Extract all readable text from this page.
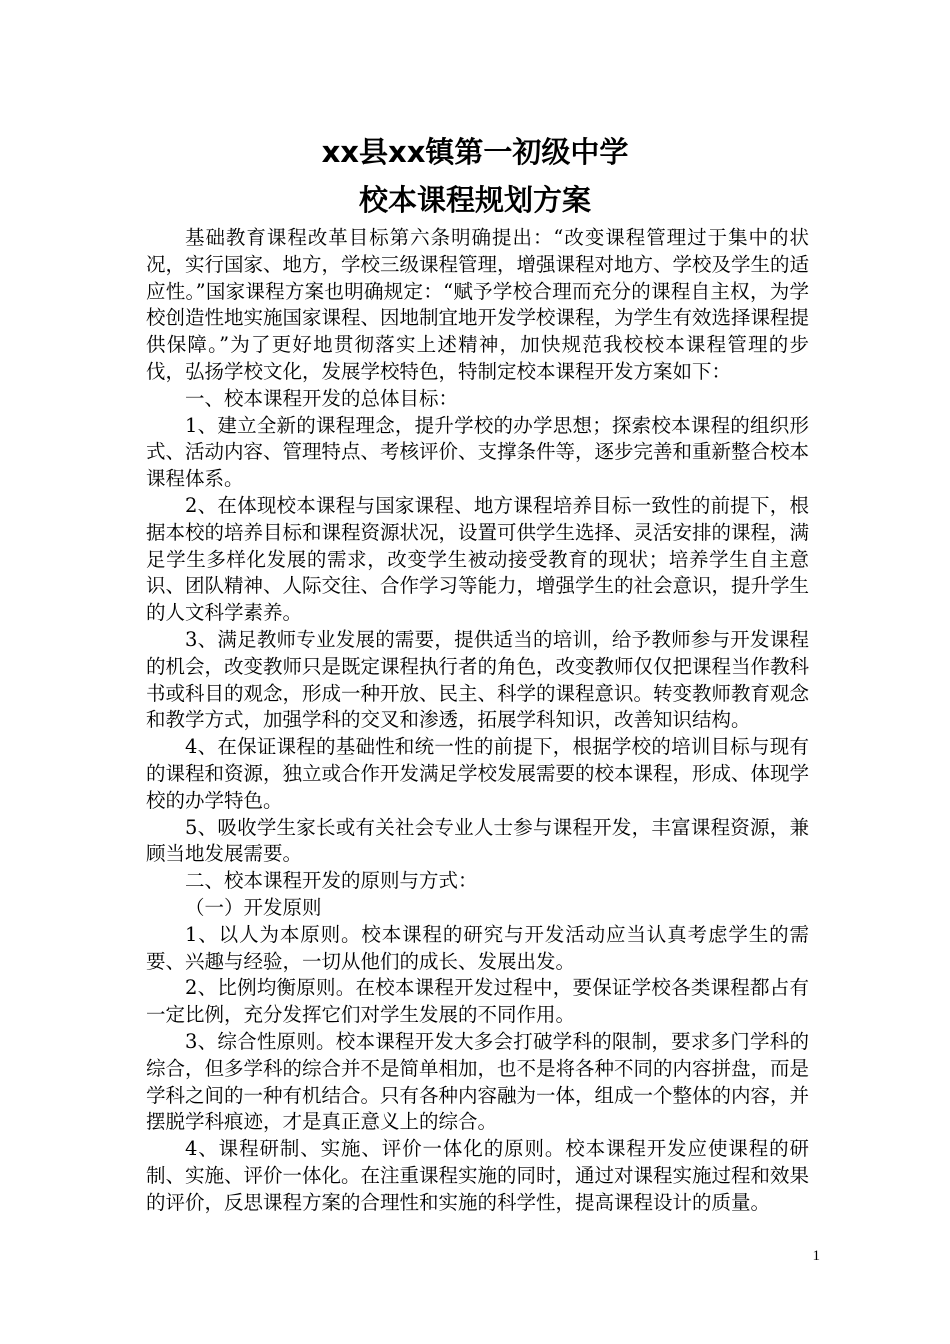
xx县xx镇第一初级中学
校本课程规划方案

基础教育课程改革目标第六条明确提出：“改变课程管理过于集中的状况，实行国家、地方，学校三级课程管理，增强课程对地方、学校及学生的适应性。”国家课程方案也明确规定：“赋予学校合理而充分的课程自主权，为学校创造性地实施国家课程、因地制宜地开发学校课程，为学生有效选择课程提供保障。”为了更好地贯彻落实上述精神，加快规范我校校本课程管理的步伐，弘扬学校文化，发展学校特色，特制定校本课程开发方案如下：

一、校本课程开发的总体目标：

1、建立全新的课程理念，提升学校的办学思想；探索校本课程的组织形式、活动内容、管理特点、考核评价、支撑条件等，逐步完善和重新整合校本课程体系。

2、在体现校本课程与国家课程、地方课程培养目标一致性的前提下，根据本校的培养目标和课程资源状况，设置可供学生选择、灵活安排的课程，满足学生多样化发展的需求，改变学生被动接受教育的现状；培养学生自主意识、团队精神、人际交往、合作学习等能力，增强学生的社会意识，提升学生的人文科学素养。

3、满足教师专业发展的需要，提供适当的培训，给予教师参与开发课程的机会，改变教师只是既定课程执行者的角色，改变教师仅仅把课程当作教科书或科目的观念，形成一种开放、民主、科学的课程意识。转变教师教育观念和教学方式，加强学科的交叉和渗透，拓展学科知识，改善知识结构。

4、在保证课程的基础性和统一性的前提下，根据学校的培训目标与现有的课程和资源，独立或合作开发满足学校发展需要的校本课程，形成、体现学校的办学特色。

5、吸收学生家长或有关社会专业人士参与课程开发，丰富课程资源，兼顾当地发展需要。

二、校本课程开发的原则与方式：

（一）开发原则

1、以人为本原则。校本课程的研究与开发活动应当认真考虑学生的需要、兴趣与经验，一切从他们的成长、发展出发。

2、比例均衡原则。在校本课程开发过程中，要保证学校各类课程都占有一定比例，充分发挥它们对学生发展的不同作用。

3、综合性原则。校本课程开发大多会打破学科的限制，要求多门学科的综合，但多学科的综合并不是简单相加，也不是将各种不同的内容拼盘，而是学科之间的一种有机结合。只有各种内容融为一体，组成一个整体的内容，并摆脱学科痕迹，才是真正意义上的综合。

4、课程研制、实施、评价一体化的原则。校本课程开发应使课程的研制、实施、评价一体化。在注重课程实施的同时，通过对课程实施过程和效果的评价，反思课程方案的合理性和实施的科学性，提高课程设计的质量。

1
